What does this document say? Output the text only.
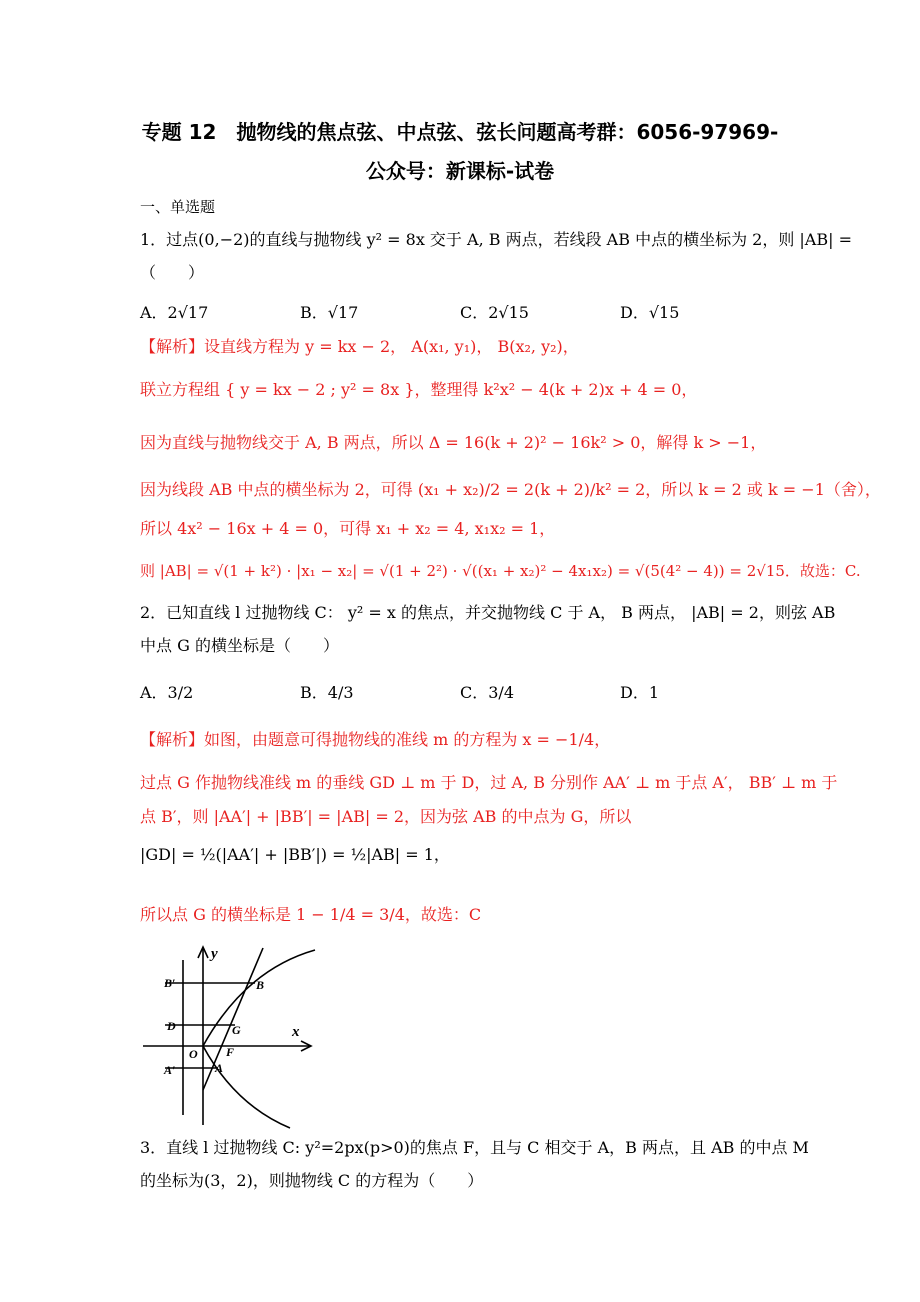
专题 12　抛物线的焦点弦、中点弦、弦长问题高考群：6056-97969-
公众号：新课标-试卷
一、单选题
1．过点(0,−2)的直线与抛物线 y² = 8x 交于 A, B 两点，若线段 AB 中点的横坐标为 2，则 |AB| =
（　　）
A．2√17	B．√17	C．2√15	D．√15
【解析】设直线方程为 y = kx − 2， A(x₁, y₁)， B(x₂, y₂)，
联立方程组 { y = kx − 2 ; y² = 8x }，整理得 k²x² − 4(k + 2)x + 4 = 0，
因为直线与抛物线交于 A, B 两点，所以 Δ = 16(k + 2)² − 16k² > 0，解得 k > −1，
因为线段 AB 中点的横坐标为 2，可得 (x₁ + x₂)/2 = 2(k + 2)/k² = 2，所以 k = 2 或 k = −1（舍），
所以 4x² − 16x + 4 = 0，可得 x₁ + x₂ = 4, x₁x₂ = 1，
则 |AB| = √(1 + k²) · |x₁ − x₂| = √(1 + 2²) · √((x₁ + x₂)² − 4x₁x₂) = √(5(4² − 4)) = 2√15．故选：C.
2．已知直线 l 过抛物线 C： y² = x 的焦点，并交抛物线 C 于 A， B 两点， |AB| = 2，则弦 AB
中点 G 的横坐标是（　　）
A．3/2	B．4/3	C．3/4	D．1
【解析】如图，由题意可得抛物线的准线 m 的方程为 x = −1/4，
过点 G 作抛物线准线 m 的垂线 GD ⊥ m 于 D，过 A, B 分别作 AA′ ⊥ m 于点 A′， BB′ ⊥ m 于
点 B′，则 |AA′| + |BB′| = |AB| = 2，因为弦 AB 的中点为 G，所以
|GD| = ½(|AA′| + |BB′|) = ½|AB| = 1，
所以点 G 的横坐标是 1 − 1/4 = 3/4，故选：C
y
x
B′	B
D	G
O F
A′	A
3．直线 l 过抛物线 C: y²=2px(p>0)的焦点 F，且与 C 相交于 A，B 两点，且 AB 的中点 M
的坐标为(3，2)，则抛物线 C 的方程为（　　）
